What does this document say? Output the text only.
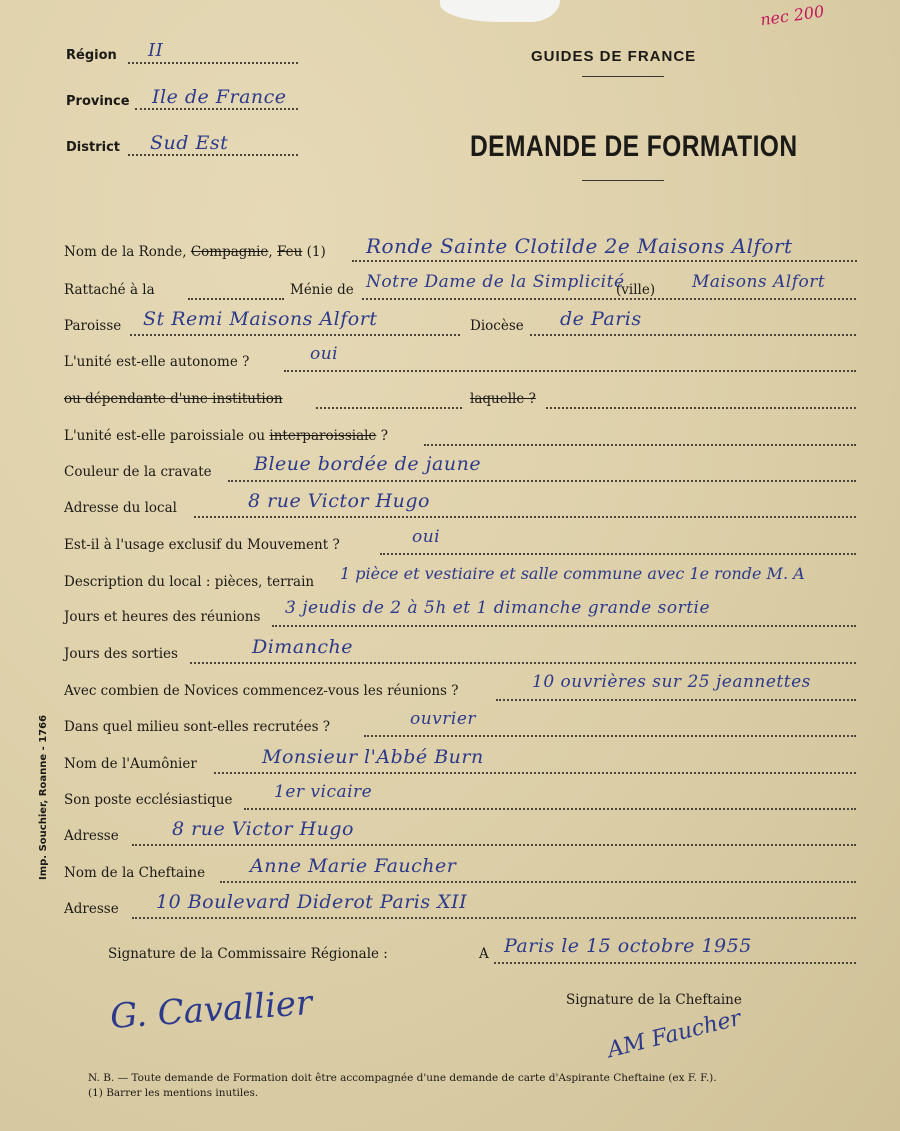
Région II
Province Ile de France
District Sud Est
GUIDES DE FRANCE
DEMANDE DE FORMATION
nec 200
Nom de la Ronde, Compagnie, Feu (1) Ronde Sainte Clotilde 2e Maisons Alfort
Rattaché à la	Ménie de Notre Dame de la Simplicité
(ville) Maisons Alfort
Paroisse St Remi Maisons Alfort	Diocèse de Paris
L'unité est-elle autonome ?	oui
ou dépendante d'une institution	laquelle ?
L'unité est-elle paroissiale ou interparoissiale ?
Couleur de la cravate Bleue bordée de jaune
Adresse du local	8 rue Victor Hugo
Est-il à l'usage exclusif du Mouvement ?	oui
Description du local : pièces, terrain 1 pièce et vestiaire et salle commune avec 1e ronde M. A
Jours et heures des réunions 3 jeudis de 2 à 5h et 1 dimanche grande sortie
Jours des sorties	Dimanche
Avec combien de Novices commencez-vous les réunions ?	10 ouvrières sur 25 jeannettes
Dans quel milieu sont-elles recrutées ?	ouvrier
Nom de l'Aumônier	Monsieur l'Abbé Burn
Son poste ecclésiastique 1er vicaire
Adresse	8 rue Victor Hugo
Nom de la Cheftaine Anne Marie Faucher
Adresse 10 Boulevard Diderot Paris XII
Signature de la Commissaire Régionale :	A Paris le 15 octobre 1955
G. Cavallier	Signature de la Cheftaine
AM Faucher
N. B. — Toute demande de Formation doit être accompagnée d'une demande de carte d'Aspirante Cheftaine (ex F. F.).
(1) Barrer les mentions inutiles.
Imp. Souchier, Roanne - 1766
